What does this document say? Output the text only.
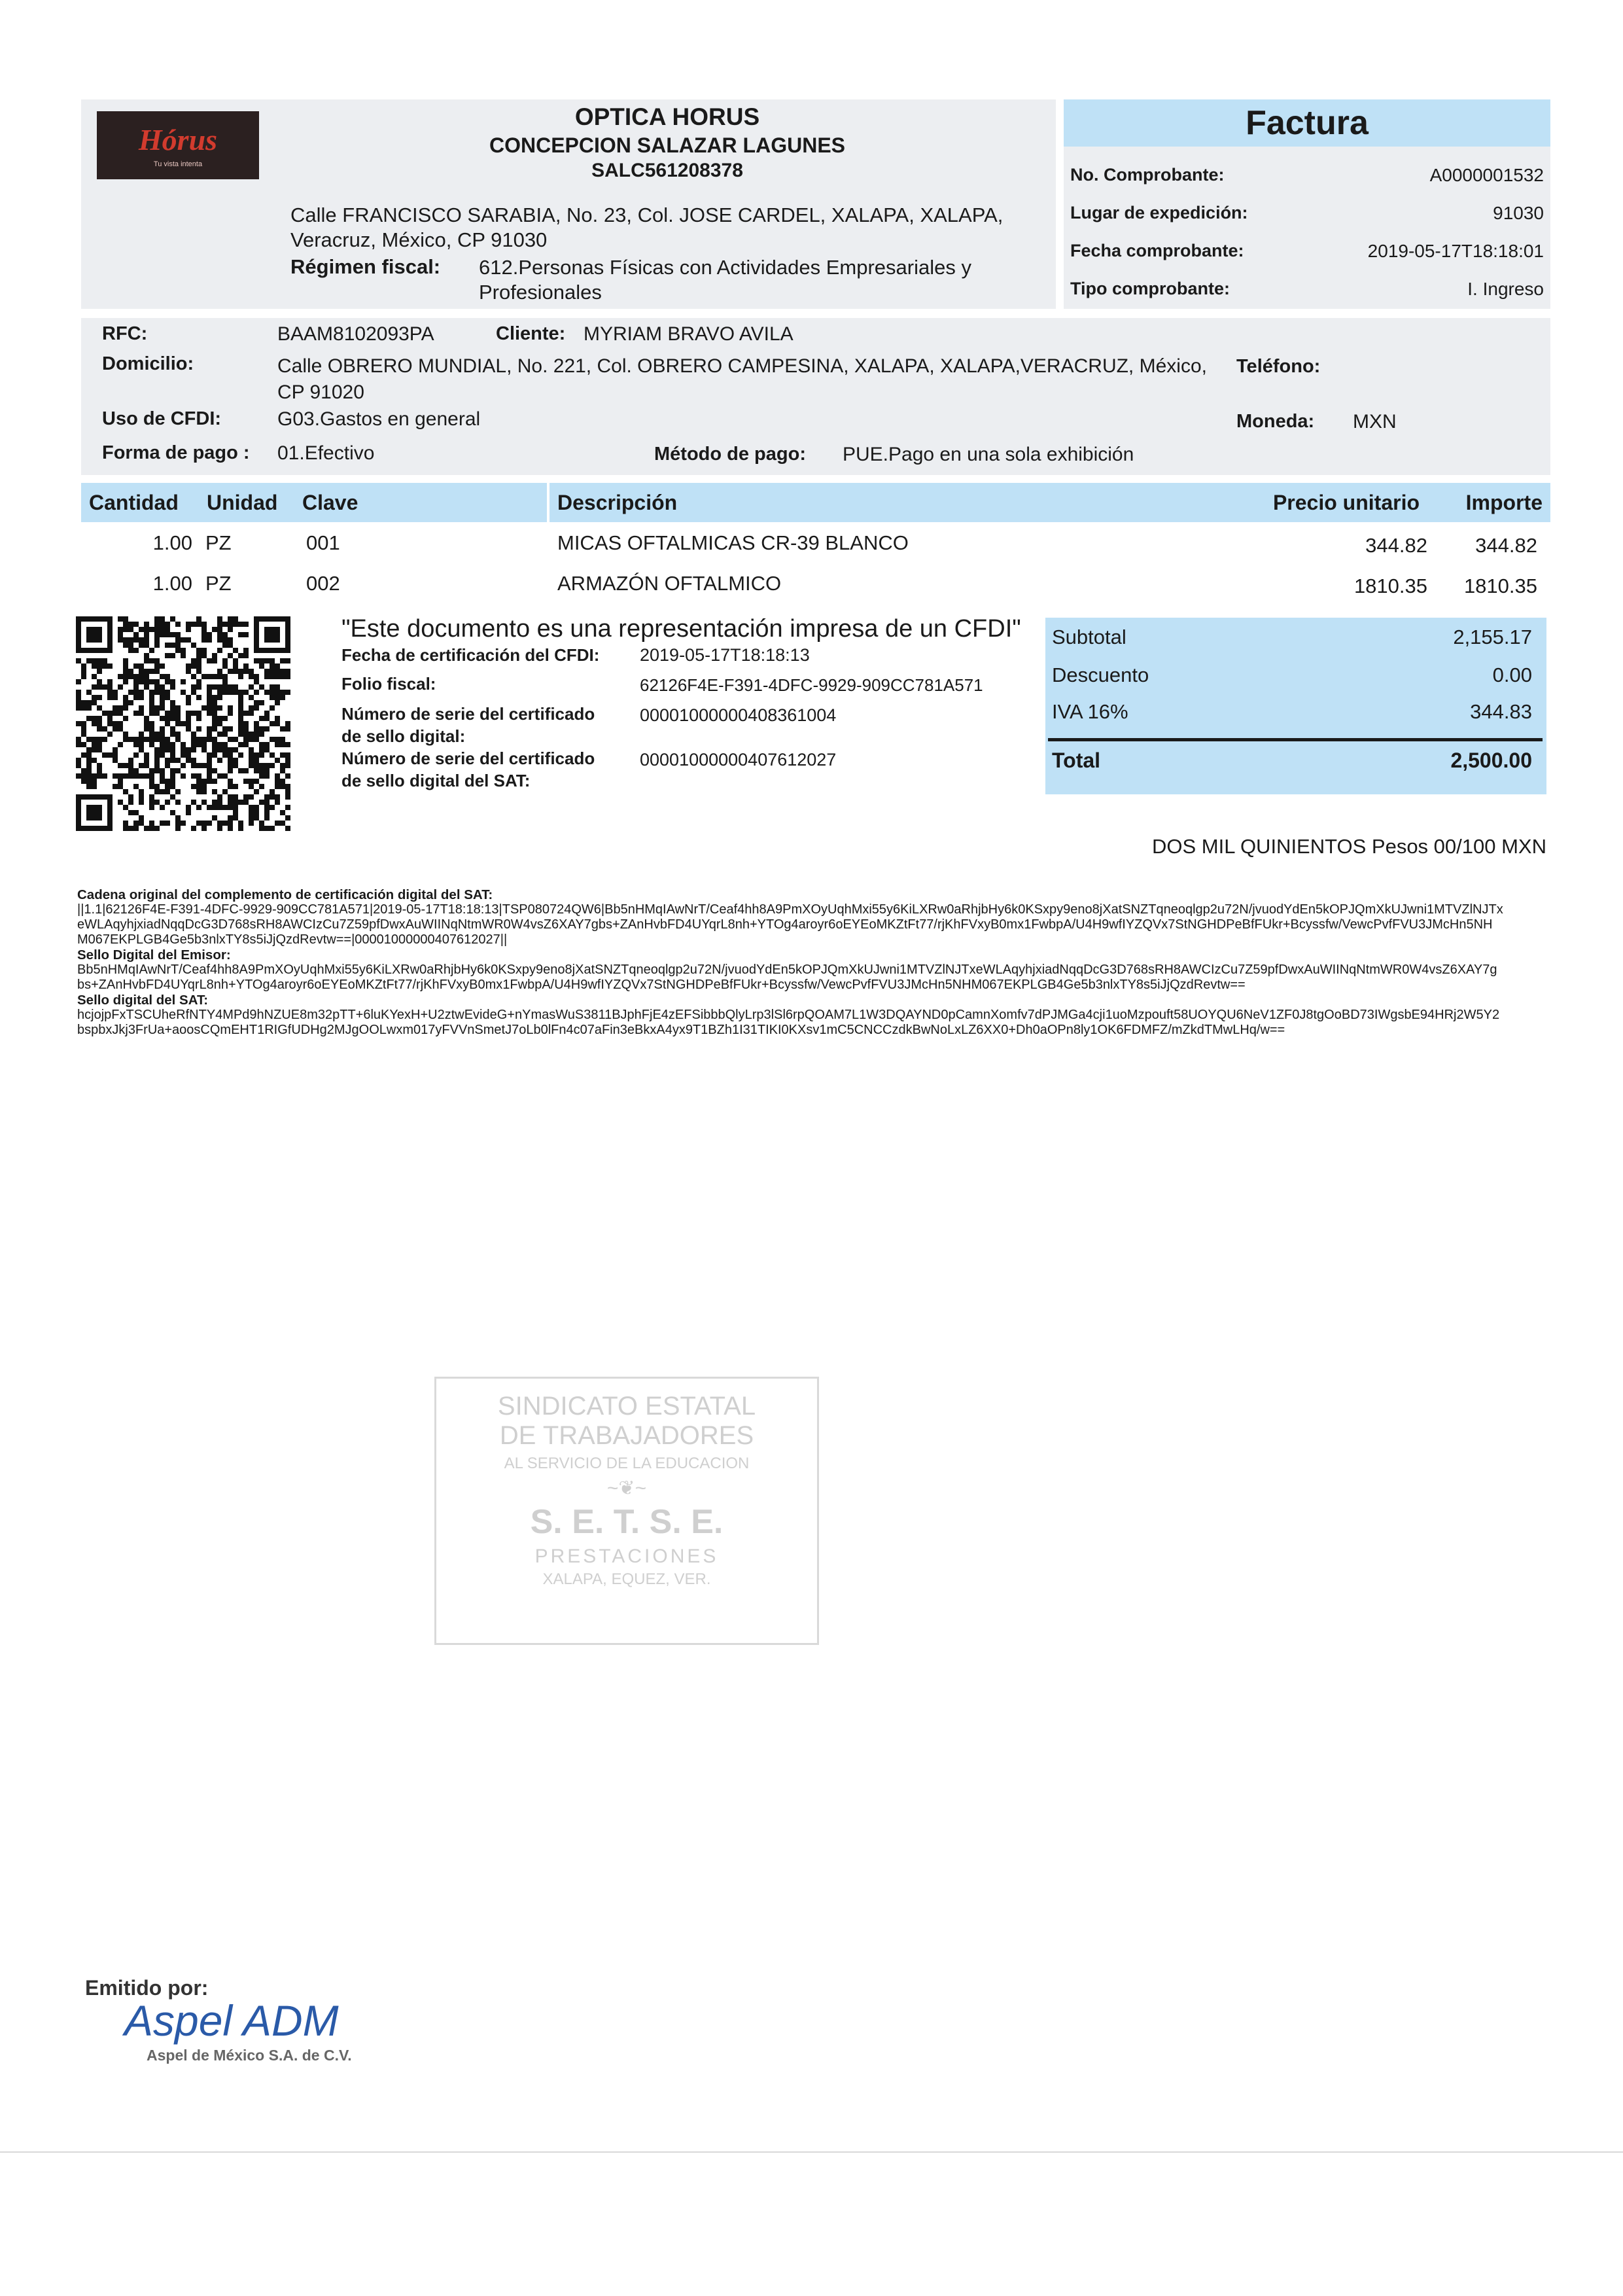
Hórus
Tu vista intenta
OPTICA HORUS
CONCEPCION SALAZAR LAGUNES
SALC561208378
Calle FRANCISCO SARABIA, No. 23, Col. JOSE CARDEL, XALAPA, XALAPA, Veracruz, México, CP 91030
Régimen fiscal: 612.Personas Físicas con Actividades Empresariales y Profesionales
Factura
No. Comprobante:	A0000001532
Lugar de expedición:	91030
Fecha comprobante:	2019-05-17T18:18:01
Tipo comprobante:	I. Ingreso
RFC:	BAAM8102093PA	Cliente: MYRIAM BRAVO AVILA
Domicilio:	Calle OBRERO MUNDIAL, No. 221, Col. OBRERO CAMPESINA, XALAPA, XALAPA,VERACRUZ, México, CP 91020
Teléfono:
Uso de CFDI:	G03.Gastos en general	Moneda: MXN
Forma de pago : 01.Efectivo	Método de pago: PUE.Pago en una sola exhibición
Cantidad	Unidad	Clave	Descripción	Precio unitario	Importe
1.00 PZ	001	MICAS OFTALMICAS CR-39 BLANCO	344.82	344.82
1.00 PZ	002	ARMAZÓN OFTALMICO	1810.35	1810.35
"Este documento es una representación impresa de un CFDI"
Fecha de certificación del CFDI: 2019-05-17T18:18:13
Folio fiscal:	62126F4E-F391-4DFC-9929-909CC781A571
Número de serie del certificado
de sello digital:
00001000000408361004
Número de serie del certificado
de sello digital del SAT:
00001000000407612027
Subtotal	2,155.17
Descuento	0.00
IVA 16%	344.83
Total	2,500.00
DOS MIL QUINIENTOS Pesos 00/100 MXN
Cadena original del complemento de certificación digital del SAT:
||1.1|62126F4E-F391-4DFC-9929-909CC781A571|2019-05-17T18:18:13|TSP080724QW6|Bb5nHMqIAwNrT/Ceaf4hh8A9PmXOyUqhMxi55y6KiLXRw0aRhjbHy6k0KSxpy9eno8jXatSNZTqneoqlgp2u72N/jvuodYdEn5kOPJQmXkUJwni1MTVZlNJTxeWLAqyhjxiadNqqDcG3D768sRH8AWCIzCu7Z59pfDwxAuWIINqNtmWR0W4vsZ6XAY7gbs+ZAnHvbFD4UYqrL8nh+YTOg4aroyr6oEYEoMKZtFt77/rjKhFVxyB0mx1FwbpA/U4H9wfIYZQVx7StNGHDPeBfFUkr+Bcyssfw/VewcPvfFVU3JMcHn5NHM067EKPLGB4Ge5b3nlxTY8s5iJjQzdRevtw==|00001000000407612027||
Sello Digital del Emisor:
Bb5nHMqIAwNrT/Ceaf4hh8A9PmXOyUqhMxi55y6KiLXRw0aRhjbHy6k0KSxpy9eno8jXatSNZTqneoqlgp2u72N/jvuodYdEn5kOPJQmXkUJwni1MTVZlNJTxeWLAqyhjxiadNqqDcG3D768sRH8AWCIzCu7Z59pfDwxAuWIINqNtmWR0W4vsZ6XAY7gbs+ZAnHvbFD4UYqrL8nh+YTOg4aroyr6oEYEoMKZtFt77/rjKhFVxyB0mx1FwbpA/U4H9wfIYZQVx7StNGHDPeBfFUkr+Bcyssfw/VewcPvfFVU3JMcHn5NHM067EKPLGB4Ge5b3nlxTY8s5iJjQzdRevtw==
Sello digital del SAT:
hcjojpFxTSCUheRfNTY4MPd9hNZUE8m32pTT+6luKYexH+U2ztwEvideG+nYmasWuS3811BJphFjE4zEFSibbbQlyLrp3lSl6rpQOAM7L1W3DQAYND0pCamnXomfv7dPJMGa4cji1uoMzpouft58UOYQU6NeV1ZF0J8tgOoBD73IWgsbE94HRj2W5Y2bspbxJkj3FrUa+aoosCQmEHT1RIGfUDHg2MJgOOLwxm017yFVVnSmetJ7oLb0lFn4c07aFin3eBkxA4yx9T1BZh1I31TIKI0KXsv1mC5CNCCzdkBwNoLxLZ6XX0+Dh0aOPn8ly1OK6FDMFZ/mZkdTMwLHq/w==
SINDICATO ESTATAL
DE TRABAJADORES
AL SERVICIO DE LA EDUCACION
~❦~
S. E. T. S. E.
PRESTACIONES
XALAPA, EQUEZ, VER.
Emitido por:
Aspel ADM
Aspel de México S.A. de C.V.
